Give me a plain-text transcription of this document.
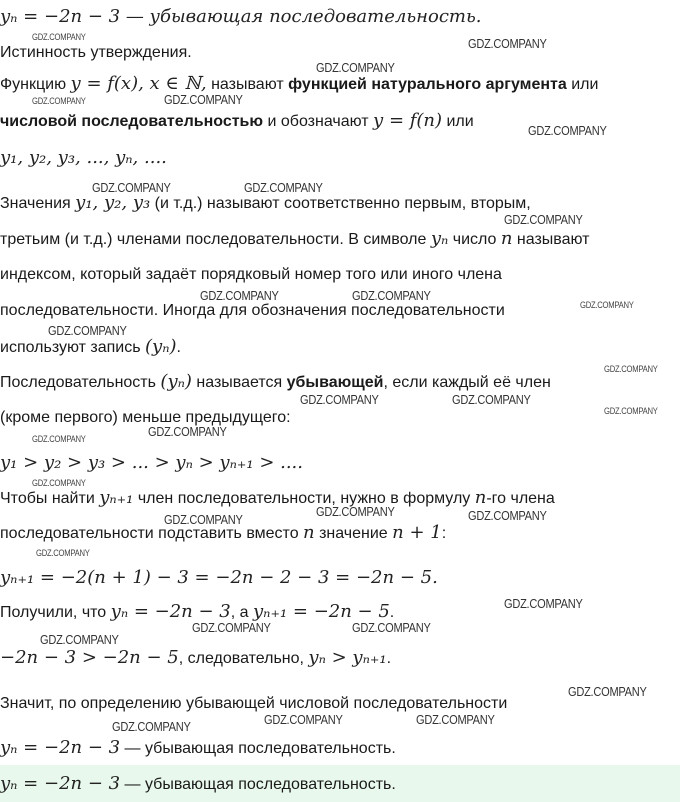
yₙ = −2n − 3 — убывающая последовательность.
Истинность утверждения.
Функцию y = f(x), x ∈ ℕ, называют функцией натурального аргумента или
числовой последовательностью и обозначают y = f(n) или
y₁, y₂, y₃, ..., yₙ, ....
Значения y₁, y₂, y₃ (и т.д.) называют соответственно первым, вторым,
третьим (и т.д.) членами последовательности. В символе yₙ число n называют
индексом, который задаёт порядковый номер того или иного члена
последовательности. Иногда для обозначения последовательности
используют запись (yₙ).
Последовательность (yₙ) называется убывающей, если каждый её член
(кроме первого) меньше предыдущего:
y₁ > y₂ > y₃ > ... > yₙ > yₙ₊₁ > ....
Чтобы найти yₙ₊₁ член последовательности, нужно в формулу n-го члена
последовательности подставить вместо n значение n + 1:
yₙ₊₁ = −2(n + 1) − 3 = −2n − 2 − 3 = −2n − 5.
Получили, что yₙ = −2n − 3, а yₙ₊₁ = −2n − 5.
−2n − 3 > −2n − 5, следовательно, yₙ > yₙ₊₁.
Значит, по определению убывающей числовой последовательности
yₙ = −2n − 3 — убывающая последовательность.
yₙ = −2n − 3 — убывающая последовательность.
GDZ.COMPANY	GDZ.COMPANY
GDZ.COMPANY
GDZ.COMPANY	GDZ.COMPANY
GDZ.COMPANY
GDZ.COMPANY	GDZ.COMPANY
GDZ.COMPANY
GDZ.COMPANY	GDZ.COMPANY
GDZ.COMPANY
GDZ.COMPANY
GDZ.COMPANY
GDZ.COMPANY	GDZ.COMPANY
GDZ.COMPANY
GDZ.COMPANY
GDZ.COMPANY
GDZ.COMPANY
GDZ.COMPANY
GDZ.COMPANY	GDZ.COMPANY
GDZ.COMPANY
GDZ.COMPANY
GDZ.COMPANY	GDZ.COMPANY
GDZ.COMPANY
GDZ.COMPANY
GDZ.COMPANY	GDZ.COMPANY
GDZ.COMPANY
